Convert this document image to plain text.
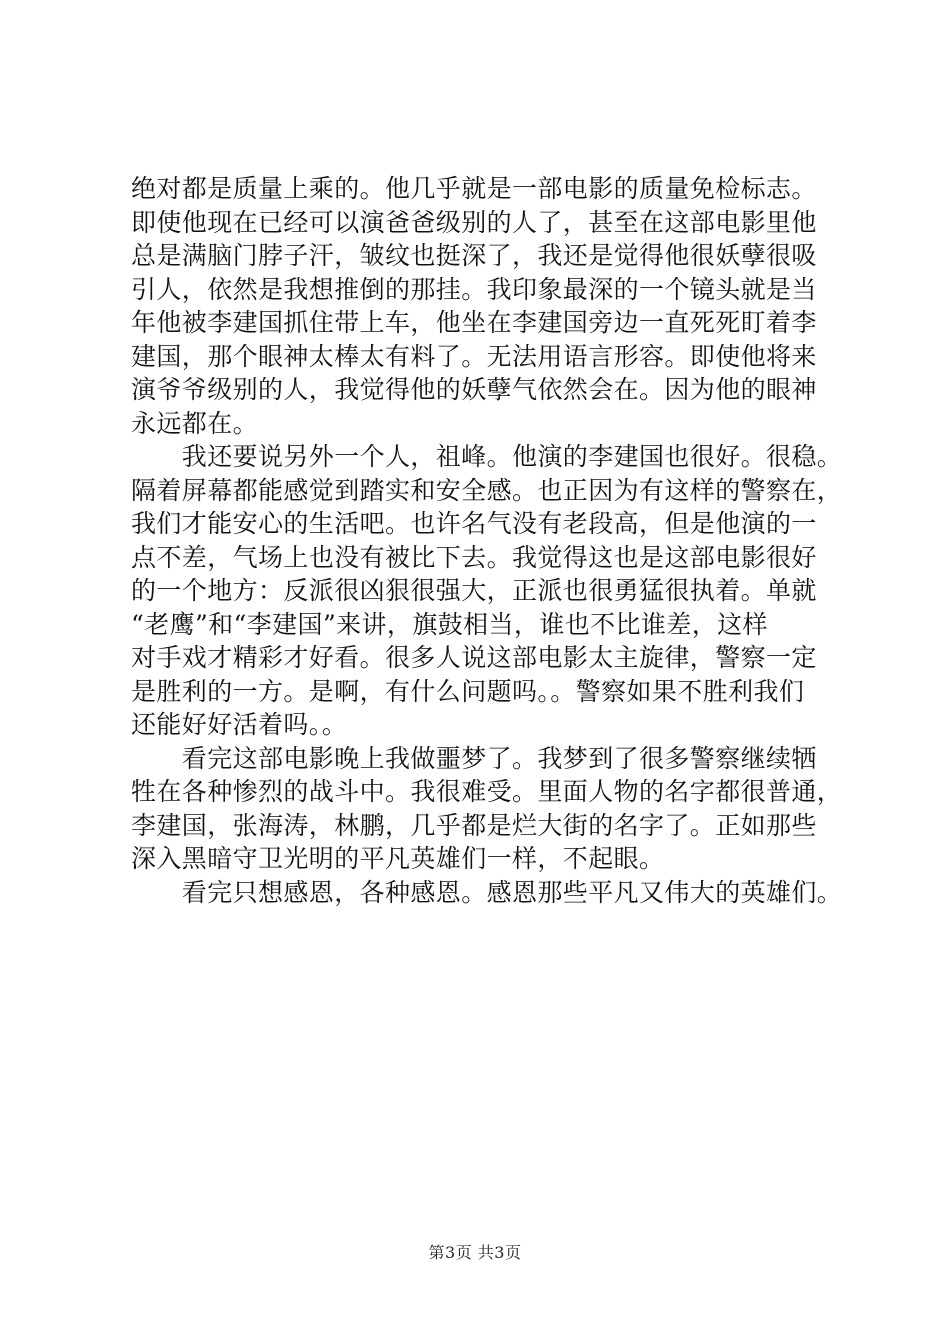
绝对都是质量上乘的。他几乎就是一部电影的质量免检标志。
即使他现在已经可以演爸爸级别的人了，甚至在这部电影里他
总是满脑门脖子汗，皱纹也挺深了，我还是觉得他很妖孽很吸
引人，依然是我想推倒的那挂。我印象最深的一个镜头就是当
年他被李建国抓住带上车，他坐在李建国旁边一直死死盯着李
建国，那个眼神太棒太有料了。无法用语言形容。即使他将来
演爷爷级别的人，我觉得他的妖孽气依然会在。因为他的眼神
永远都在。
　　我还要说另外一个人，祖峰。他演的李建国也很好。很稳。
隔着屏幕都能感觉到踏实和安全感。也正因为有这样的警察在，
我们才能安心的生活吧。也许名气没有老段高，但是他演的一
点不差，气场上也没有被比下去。我觉得这也是这部电影很好
的一个地方：反派很凶狠很强大，正派也很勇猛很执着。单就
“老鹰”和“李建国”来讲，旗鼓相当，谁也不比谁差，这样
对手戏才精彩才好看。很多人说这部电影太主旋律，警察一定
是胜利的一方。是啊，有什么问题吗。。警察如果不胜利我们
还能好好活着吗。。
　　看完这部电影晚上我做噩梦了。我梦到了很多警察继续牺
牲在各种惨烈的战斗中。我很难受。里面人物的名字都很普通，
李建国，张海涛，林鹏，几乎都是烂大街的名字了。正如那些
深入黑暗守卫光明的平凡英雄们一样，不起眼。
　　看完只想感恩，各种感恩。感恩那些平凡又伟大的英雄们。
第3页 共3页
